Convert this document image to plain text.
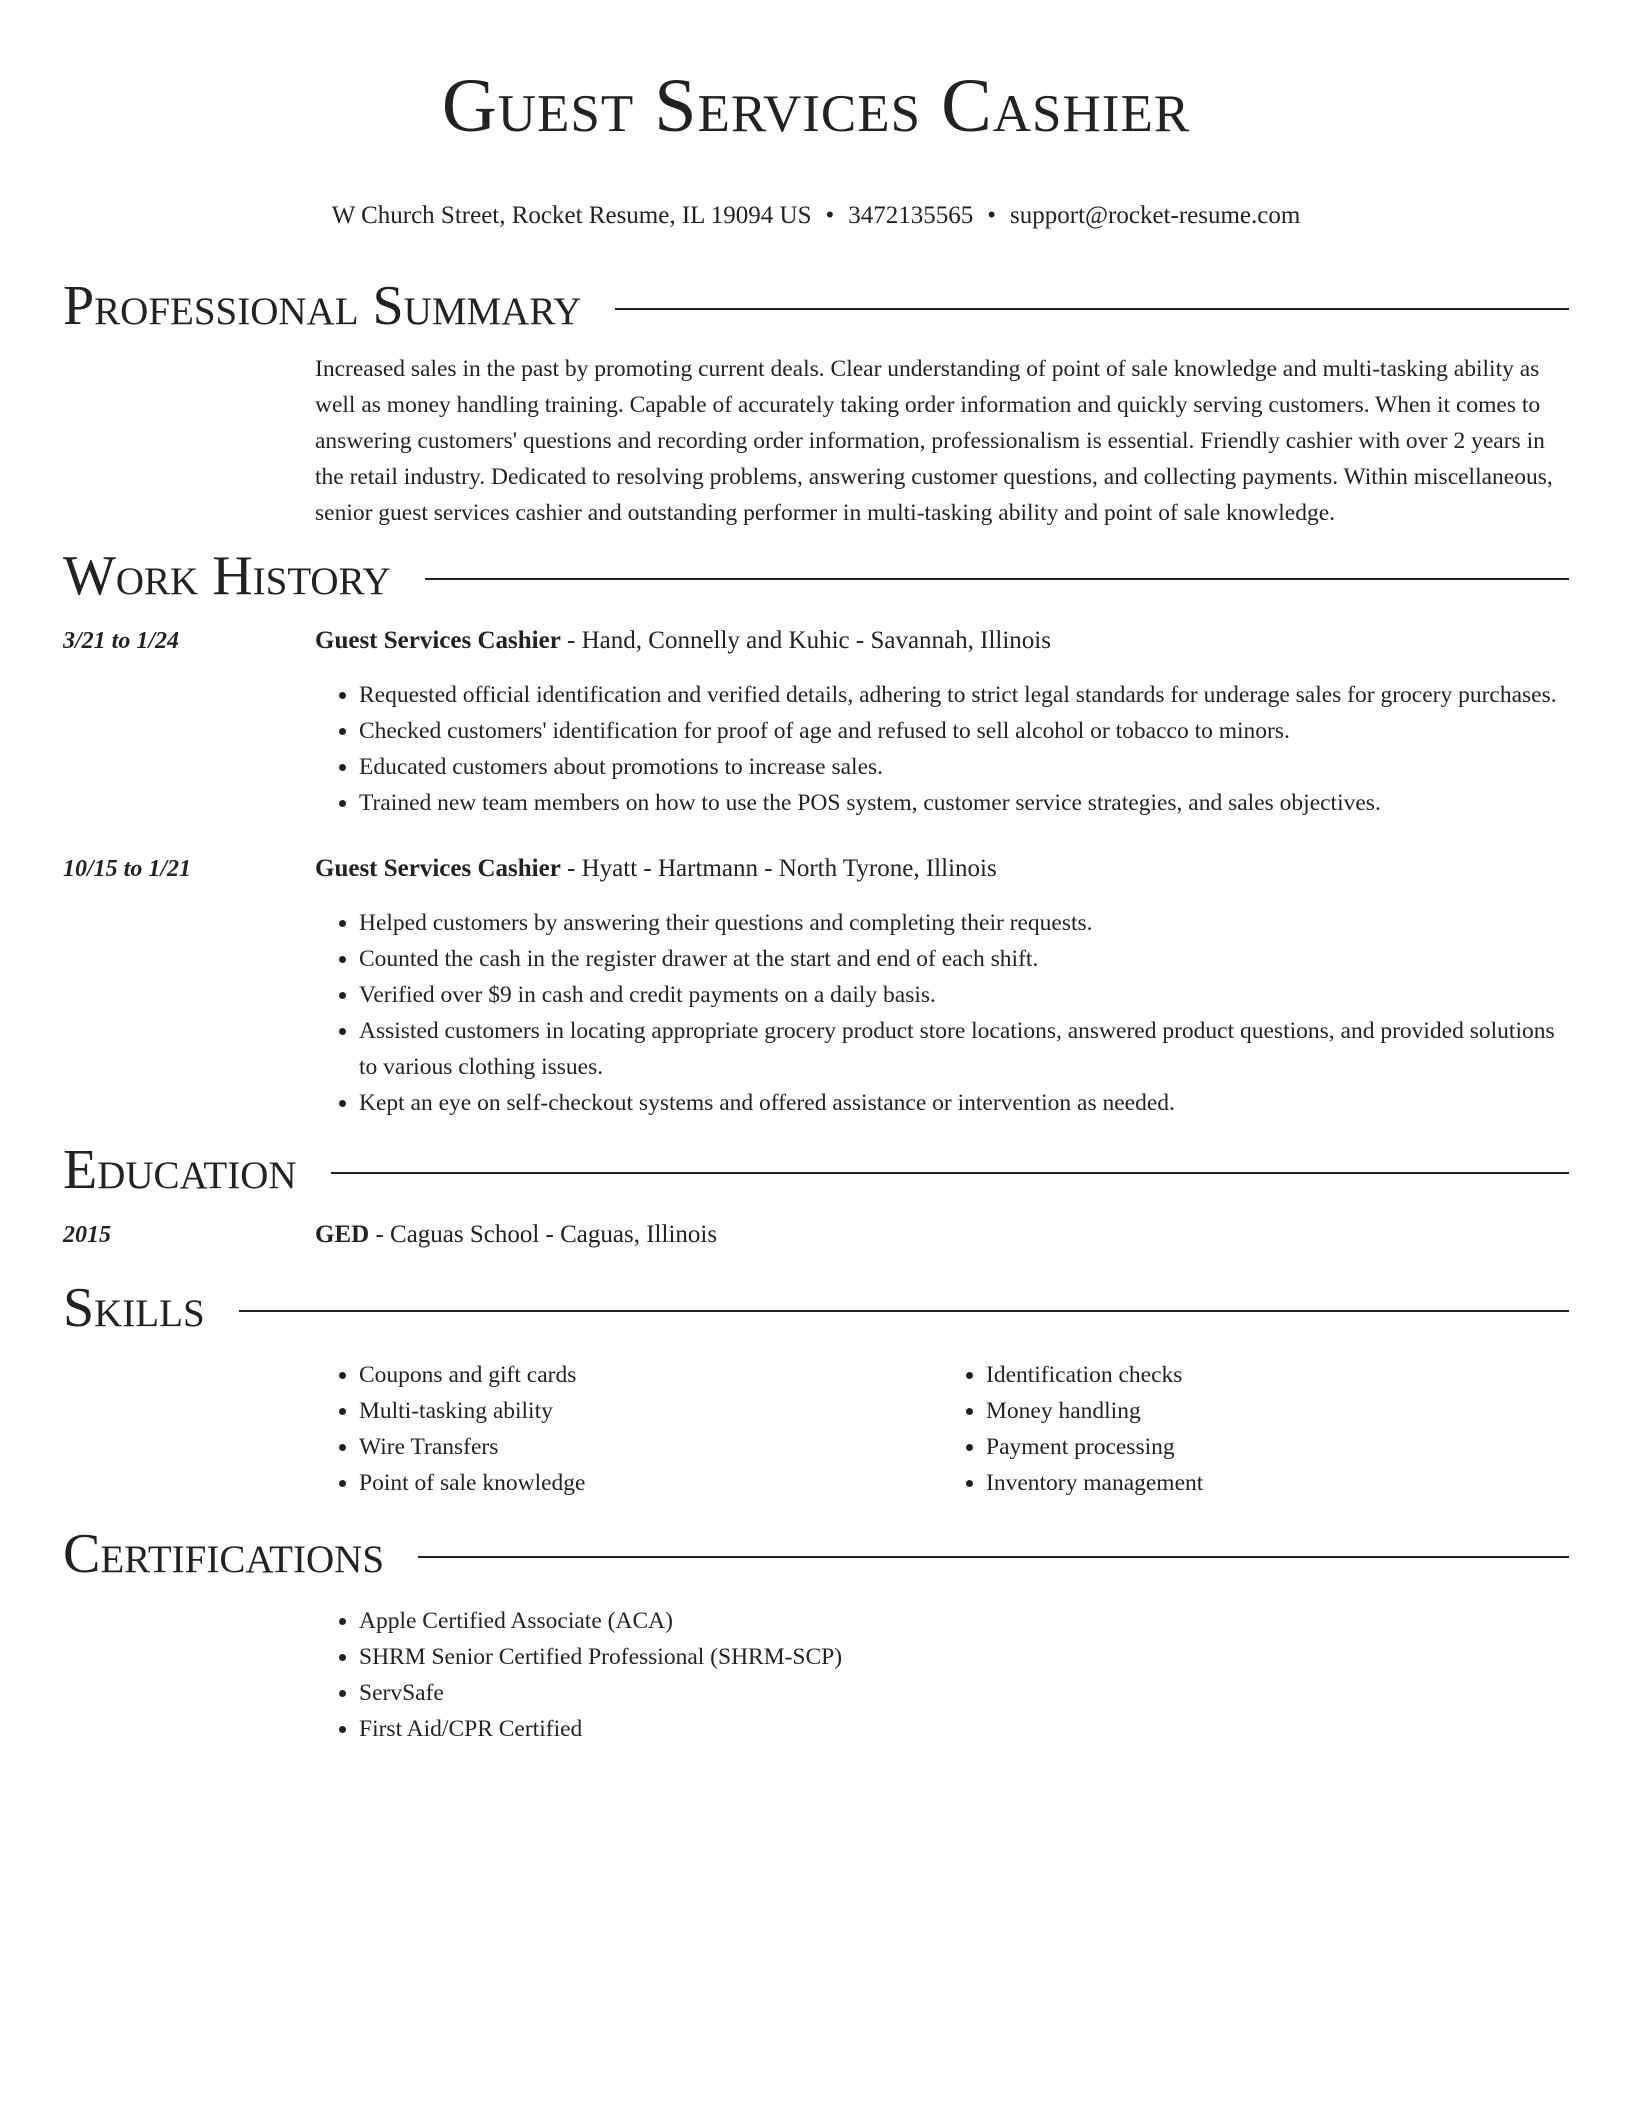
Guest Services Cashier
W Church Street, Rocket Resume, IL 19094 US • 3472135565 • support@rocket-resume.com
Professional Summary
Increased sales in the past by promoting current deals. Clear understanding of point of sale knowledge and multi-tasking ability as well as money handling training. Capable of accurately taking order information and quickly serving customers. When it comes to answering customers' questions and recording order information, professionalism is essential. Friendly cashier with over 2 years in the retail industry. Dedicated to resolving problems, answering customer questions, and collecting payments. Within miscellaneous, senior guest services cashier and outstanding performer in multi-tasking ability and point of sale knowledge.
Work History
3/21 to 1/24	Guest Services Cashier - Hand, Connelly and Kuhic - Savannah, Illinois
• Requested official identification and verified details, adhering to strict legal standards for underage sales for grocery purchases.
• Checked customers' identification for proof of age and refused to sell alcohol or tobacco to minors.
• Educated customers about promotions to increase sales.
• Trained new team members on how to use the POS system, customer service strategies, and sales objectives.
10/15 to 1/21	Guest Services Cashier - Hyatt - Hartmann - North Tyrone, Illinois
• Helped customers by answering their questions and completing their requests.
• Counted the cash in the register drawer at the start and end of each shift.
• Verified over $9 in cash and credit payments on a daily basis.
• Assisted customers in locating appropriate grocery product store locations, answered product questions, and provided solutions to various clothing issues.
• Kept an eye on self-checkout systems and offered assistance or intervention as needed.
Education
2015	GED - Caguas School - Caguas, Illinois
Skills
• Coupons and gift cards
• Multi-tasking ability
• Wire Transfers
• Point of sale knowledge
• Identification checks
• Money handling
• Payment processing
• Inventory management
Certifications
• Apple Certified Associate (ACA)
• SHRM Senior Certified Professional (SHRM-SCP)
• ServSafe
• First Aid/CPR Certified
